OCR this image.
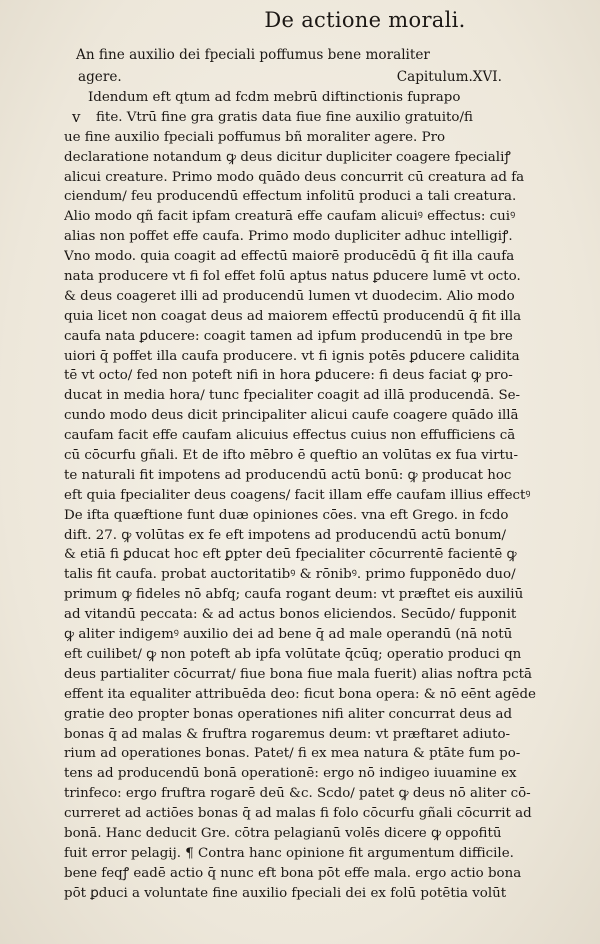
De actione morali.
An fine auxilio dei fpeciali poffumus bene moraliter
agere.	Capitulum.XVI.
v
Idendum eft qtum ad fcdm mebrū diftinctionis fuprapo
fite. Vtrū fine gra gratis data fiue fine auxilio gratuito/fi
ue fine auxilio fpeciali poffumus bñ moraliter agere. Pro
declaratione notandum ꝙ deus dicitur dupliciter coagere fpecialiꝭ
alicui creature. Primo modo quādo deus concurrit cū creatura ad fa
ciendum/ feu producendū effectum infolitū produci a tali creatura.
Alio modo qñ facit ipfam creaturā effe caufam alicuiꝰ effectus: cuiꝰ
alias non poffet effe caufa. Primo modo dupliciter adhuc intelligiꝭ.
Vno modo. quia coagit ad effectū maiorē producēdū q̄ fit illa caufa
nata producere vt fi fol effet folū aptus natus ꝑducere lumē vt octo.
& deus coageret illi ad producendū lumen vt duodecim. Alio modo
quia licet non coagat deus ad maiorem effectū producendū q̄ fit illa
caufa nata ꝑducere: coagit tamen ad ipfum producendū in tpe bre
uiori q̄ poffet illa caufa producere. vt fi ignis potēs ꝑducere calidita
tē vt octo/ fed non poteft nifi in hora ꝑducere: fi deus faciat ꝙ pro-
ducat in media hora/ tunc fpecialiter coagit ad illā producendā. Se-
cundo modo deus dicit principaliter alicui caufe coagere quādo illā
caufam facit effe caufam alicuius effectus cuius non effufficiens cā
cū cōcurfu gñali. Et de ifto mēbro ē queftio an volūtas ex fua virtu-
te naturali fit impotens ad producendū actū bonū: ꝙ producat hoc
eft quia fpecialiter deus coagens/ facit illam effe caufam illius effectꝰ
De ifta quæftione funt duæ opiniones cōes. vna eft Grego. in fcdo
dift. 27. ꝙ volūtas ex fe eft impotens ad producendū actū bonum/
& etiā fi ꝑducat hoc eft ꝑpter deū fpecialiter cōcurrentē facientē ꝙ
talis fit caufa. probat auctoritatibꝰ & rōnibꝰ. primo fupponēdo duo/
primum ꝙ fideles nō abfq; caufa rogant deum: vt præftet eis auxiliū
ad vitandū peccata: & ad actus bonos eliciendos. Secūdo/ fupponit
ꝙ aliter indigemꝰ auxilio dei ad bene q̄ ad male operandū (nā notū
eft cuilibet/ ꝙ non poteft ab ipfa volūtate q̄cūq; operatio produci qn
deus partialiter cōcurrat/ fiue bona fiue mala fuerit) alias noftra pctā
effent ita equaliter attribuēda deo: ficut bona opera: & nō eēnt agēde
gratie deo propter bonas operationes nifi aliter concurrat deus ad
bonas q̄ ad malas & fruftra rogaremus deum: vt præftaret adiuto-
rium ad operationes bonas. Patet/ fi ex mea natura & ptāte fum po-
tens ad producendū bonā operationē: ergo nō indigeo iuuamine ex
trinfeco: ergo fruftra rogarē deū &c. Scdo/ patet ꝙ deus nō aliter cō-
curreret ad actiōes bonas q̄ ad malas fi folo cōcurfu gñali cōcurrit ad
bonā. Hanc deducit Gre. cōtra pelagianū volēs dicere ꝙ oppofitū
fuit error pelagij. ¶ Contra hanc opinione fit argumentum difficile.
bene feqꝭ eadē actio q̄ nunc eft bona pōt effe mala. ergo actio bona
pōt ꝑduci a voluntate fine auxilio fpeciali dei ex folū potētia volūt
